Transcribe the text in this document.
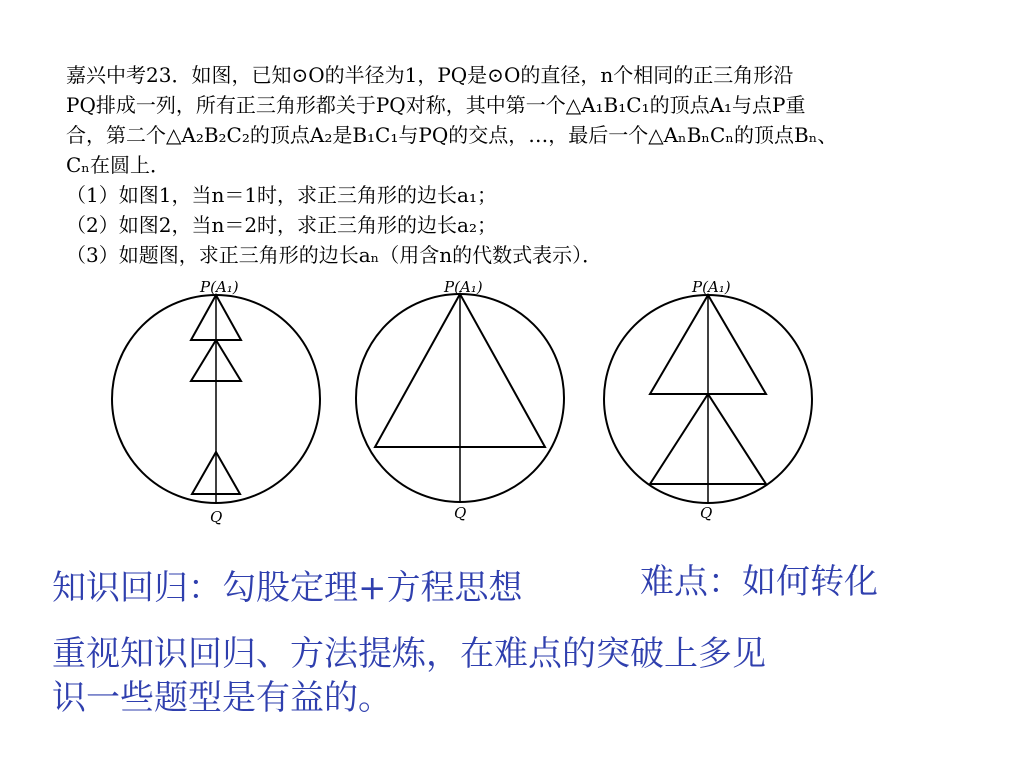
嘉兴中考23．如图，已知⊙O的半径为1，PQ是⊙O的直径，n个相同的正三角形沿
PQ排成一列，所有正三角形都关于PQ对称，其中第一个△A₁B₁C₁的顶点A₁与点P重
合，第二个△A₂B₂C₂的顶点A₂是B₁C₁与PQ的交点，…，最后一个△AₙBₙCₙ的顶点Bₙ、
Cₙ在圆上．
（1）如图1，当n＝1时，求正三角形的边长a₁；
（2）如图2，当n＝2时，求正三角形的边长a₂；
（3）如题图，求正三角形的边长aₙ（用含n的代数式表示）．
P(A₁)
Q
P(A₁)
Q
P(A₁)
Q
知识回归：勾股定理+方程思想	难点：如何转化
重视知识回归、方法提炼，在难点的突破上多见
识一些题型是有益的。
